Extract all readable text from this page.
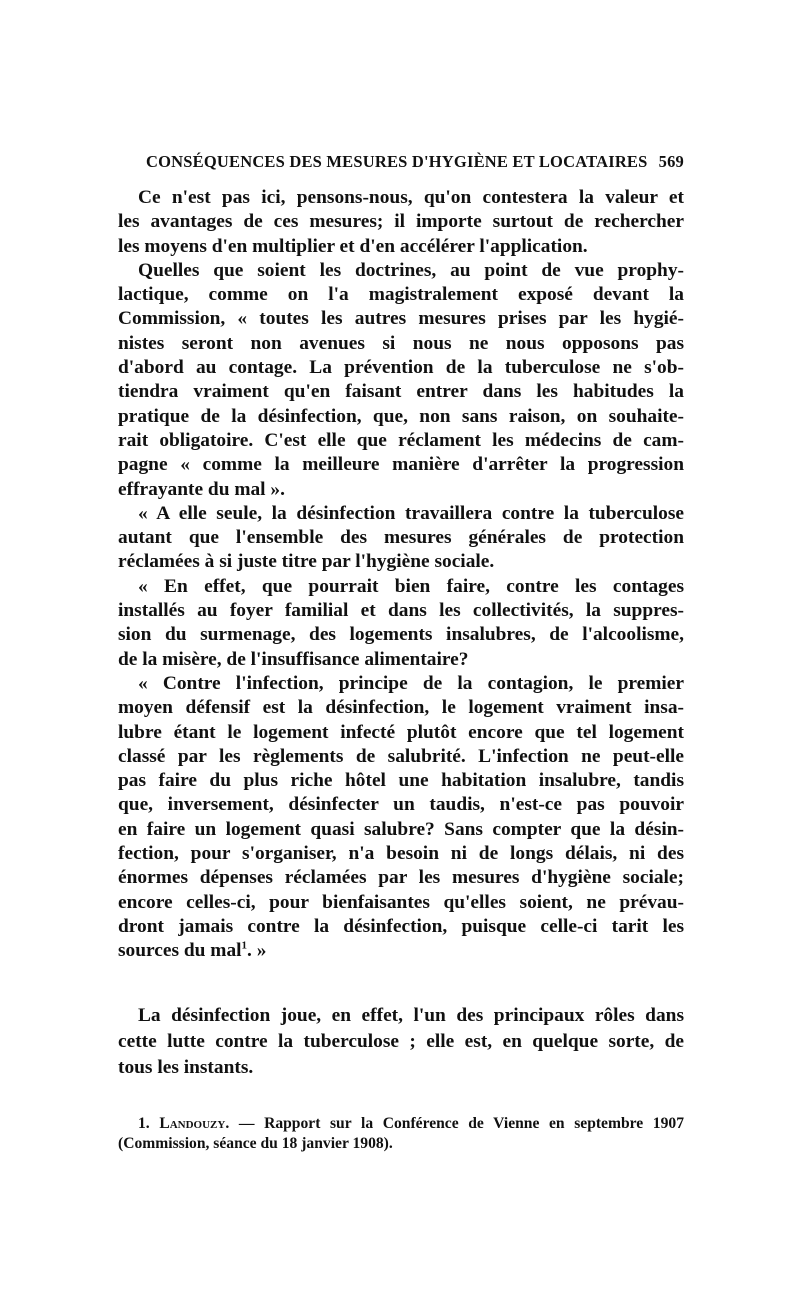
CONSÉQUENCES DES MESURES D'HYGIÈNE ET LOCATAIRES 569
Ce n'est pas ici, pensons-nous, qu'on contestera la valeur et
les avantages de ces mesures; il importe surtout de rechercher
les moyens d'en multiplier et d'en accélérer l'application.
Quelles que soient les doctrines, au point de vue prophy-
lactique, comme on l'a magistralement exposé devant la
Commission, « toutes les autres mesures prises par les hygié-
nistes seront non avenues si nous ne nous opposons pas
d'abord au contage. La prévention de la tuberculose ne s'ob-
tiendra vraiment qu'en faisant entrer dans les habitudes la
pratique de la désinfection, que, non sans raison, on souhaite-
rait obligatoire. C'est elle que réclament les médecins de cam-
pagne « comme la meilleure manière d'arrêter la progression
effrayante du mal ».
« A elle seule, la désinfection travaillera contre la tuberculose
autant que l'ensemble des mesures générales de protection
réclamées à si juste titre par l'hygiène sociale.
« En effet, que pourrait bien faire, contre les contages
installés au foyer familial et dans les collectivités, la suppres-
sion du surmenage, des logements insalubres, de l'alcoolisme,
de la misère, de l'insuffisance alimentaire?
« Contre l'infection, principe de la contagion, le premier
moyen défensif est la désinfection, le logement vraiment insa-
lubre étant le logement infecté plutôt encore que tel logement
classé par les règlements de salubrité. L'infection ne peut-elle
pas faire du plus riche hôtel une habitation insalubre, tandis
que, inversement, désinfecter un taudis, n'est-ce pas pouvoir
en faire un logement quasi salubre? Sans compter que la désin-
fection, pour s'organiser, n'a besoin ni de longs délais, ni des
énormes dépenses réclamées par les mesures d'hygiène sociale;
encore celles-ci, pour bienfaisantes qu'elles soient, ne prévau-
dront jamais contre la désinfection, puisque celle-ci tarit les
sources du mal$^1$. »
La désinfection joue, en effet, l'un des principaux rôles dans
cette lutte contre la tuberculose ; elle est, en quelque sorte, de
tous les instants.
1. Landouzy. — Rapport sur la Conférence de Vienne en septembre 1907
(Commission, séance du 18 janvier 1908).
